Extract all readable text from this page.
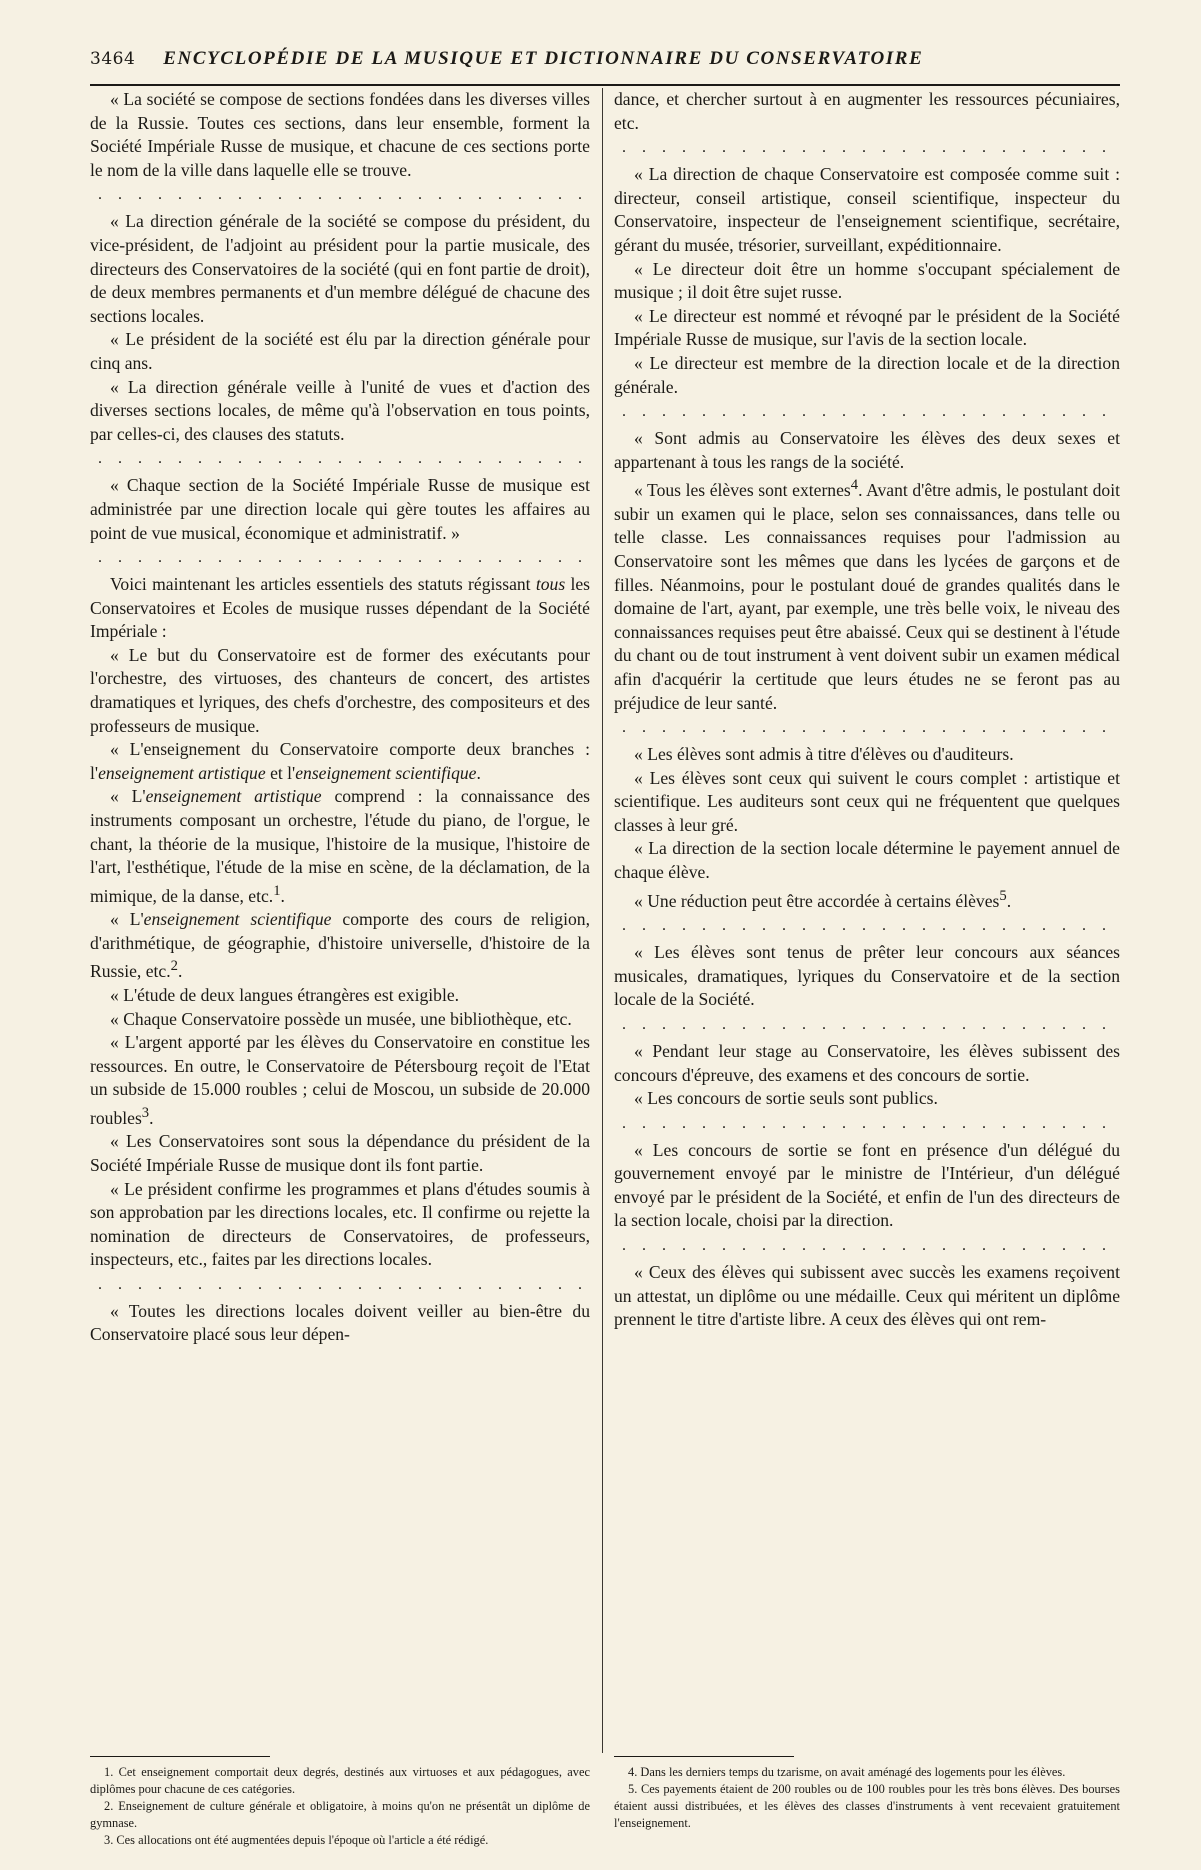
3464 ENCYCLOPÉDIE DE LA MUSIQUE ET DICTIONNAIRE DU CONSERVATOIRE

« La société se compose de sections fondées dans les diverses villes de la Russie. Toutes ces sections, dans leur ensemble, forment la Société Impériale Russe de musique, et chacune de ces sections porte le nom de la ville dans laquelle elle se trouve.

. . .

« La direction générale de la société se compose du président, du vice-président, de l'adjoint au président pour la partie musicale, des directeurs des Conservatoires de la société (qui en font partie de droit), de deux membres permanents et d'un membre délégué de chacune des sections locales.

« Le président de la société est élu par la direction générale pour cinq ans.

« La direction générale veille à l'unité de vues et d'action des diverses sections locales, de même qu'à l'observation en tous points, par celles-ci, des clauses des statuts.

. . .

« Chaque section de la Société Impériale Russe de musique est administrée par une direction locale qui gère toutes les affaires au point de vue musical, économique et administratif. »

. . .

Voici maintenant les articles essentiels des statuts régissant tous les Conservatoires et Ecoles de musique russes dépendant de la Société Impériale :

« Le but du Conservatoire est de former des exécutants pour l'orchestre, des virtuoses, des chanteurs de concert, des artistes dramatiques et lyriques, des chefs d'orchestre, des compositeurs et des professeurs de musique.

« L'enseignement du Conservatoire comporte deux branches : l'enseignement artistique et l'enseignement scientifique.

« L'enseignement artistique comprend : la connaissance des instruments composant un orchestre, l'étude du piano, de l'orgue, le chant, la théorie de la musique, l'histoire de la musique, l'histoire de l'art, l'esthétique, l'étude de la mise en scène, de la déclamation, de la mimique, de la danse, etc.$^1$.

« L'enseignement scientifique comporte des cours de religion, d'arithmétique, de géographie, d'histoire universelle, d'histoire de la Russie, etc.$^2$.

« L'étude de deux langues étrangères est exigible.

« Chaque Conservatoire possède un musée, une bibliothèque, etc.

« L'argent apporté par les élèves du Conservatoire en constitue les ressources. En outre, le Conservatoire de Pétersbourg reçoit de l'Etat un subside de 15.000 roubles ; celui de Moscou, un subside de 20.000 roubles$^3$.

« Les Conservatoires sont sous la dépendance du président de la Société Impériale Russe de musique dont ils font partie.

« Le président confirme les programmes et plans d'études soumis à son approbation par les directions locales, etc. Il confirme ou rejette la nomination de directeurs de Conservatoires, de professeurs, inspecteurs, etc., faites par les directions locales.

. . .

« Toutes les directions locales doivent veiller au bien-être du Conservatoire placé sous leur dépen-

dance, et chercher surtout à en augmenter les ressources pécuniaires, etc.

. . .

« La direction de chaque Conservatoire est composée comme suit : directeur, conseil artistique, conseil scientifique, inspecteur du Conservatoire, inspecteur de l'enseignement scientifique, secrétaire, gérant du musée, trésorier, surveillant, expéditionnaire.

« Le directeur doit être un homme s'occupant spécialement de musique ; il doit être sujet russe.

« Le directeur est nommé et révoqné par le président de la Société Impériale Russe de musique, sur l'avis de la section locale.

« Le directeur est membre de la direction locale et de la direction générale.

. . .

« Sont admis au Conservatoire les élèves des deux sexes et appartenant à tous les rangs de la société.

« Tous les élèves sont externes$^4$. Avant d'être admis, le postulant doit subir un examen qui le place, selon ses connaissances, dans telle ou telle classe. Les connaissances requises pour l'admission au Conservatoire sont les mêmes que dans les lycées de garçons et de filles. Néanmoins, pour le postulant doué de grandes qualités dans le domaine de l'art, ayant, par exemple, une très belle voix, le niveau des connaissances requises peut être abaissé. Ceux qui se destinent à l'étude du chant ou de tout instrument à vent doivent subir un examen médical afin d'acquérir la certitude que leurs études ne se feront pas au préjudice de leur santé.

. . .

« Les élèves sont admis à titre d'élèves ou d'auditeurs.

« Les élèves sont ceux qui suivent le cours complet : artistique et scientifique. Les auditeurs sont ceux qui ne fréquentent que quelques classes à leur gré.

« La direction de la section locale détermine le payement annuel de chaque élève.

« Une réduction peut être accordée à certains élèves$^5$.

. . .

« Les élèves sont tenus de prêter leur concours aux séances musicales, dramatiques, lyriques du Conservatoire et de la section locale de la Société.

. . .

« Pendant leur stage au Conservatoire, les élèves subissent des concours d'épreuve, des examens et des concours de sortie.

« Les concours de sortie seuls sont publics.

. . .

« Les concours de sortie se font en présence d'un délégué du gouvernement envoyé par le ministre de l'Intérieur, d'un délégué envoyé par le président de la Société, et enfin de l'un des directeurs de la section locale, choisi par la direction.

. . .

« Ceux des élèves qui subissent avec succès les examens reçoivent un attestat, un diplôme ou une médaille. Ceux qui méritent un diplôme prennent le titre d'artiste libre. A ceux des élèves qui ont rem-

1. Cet enseignement comportait deux degrés, destinés aux virtuoses et aux pédagogues, avec diplômes pour chacune de ces catégories.

2. Enseignement de culture générale et obligatoire, à moins qu'on ne présentât un diplôme de gymnase.

3. Ces allocations ont été augmentées depuis l'époque où l'article a été rédigé.

4. Dans les derniers temps du tzarisme, on avait aménagé des logements pour les élèves.

5. Ces payements étaient de 200 roubles ou de 100 roubles pour les très bons élèves. Des bourses étaient aussi distribuées, et les élèves des classes d'instruments à vent recevaient gratuitement l'enseignement.
